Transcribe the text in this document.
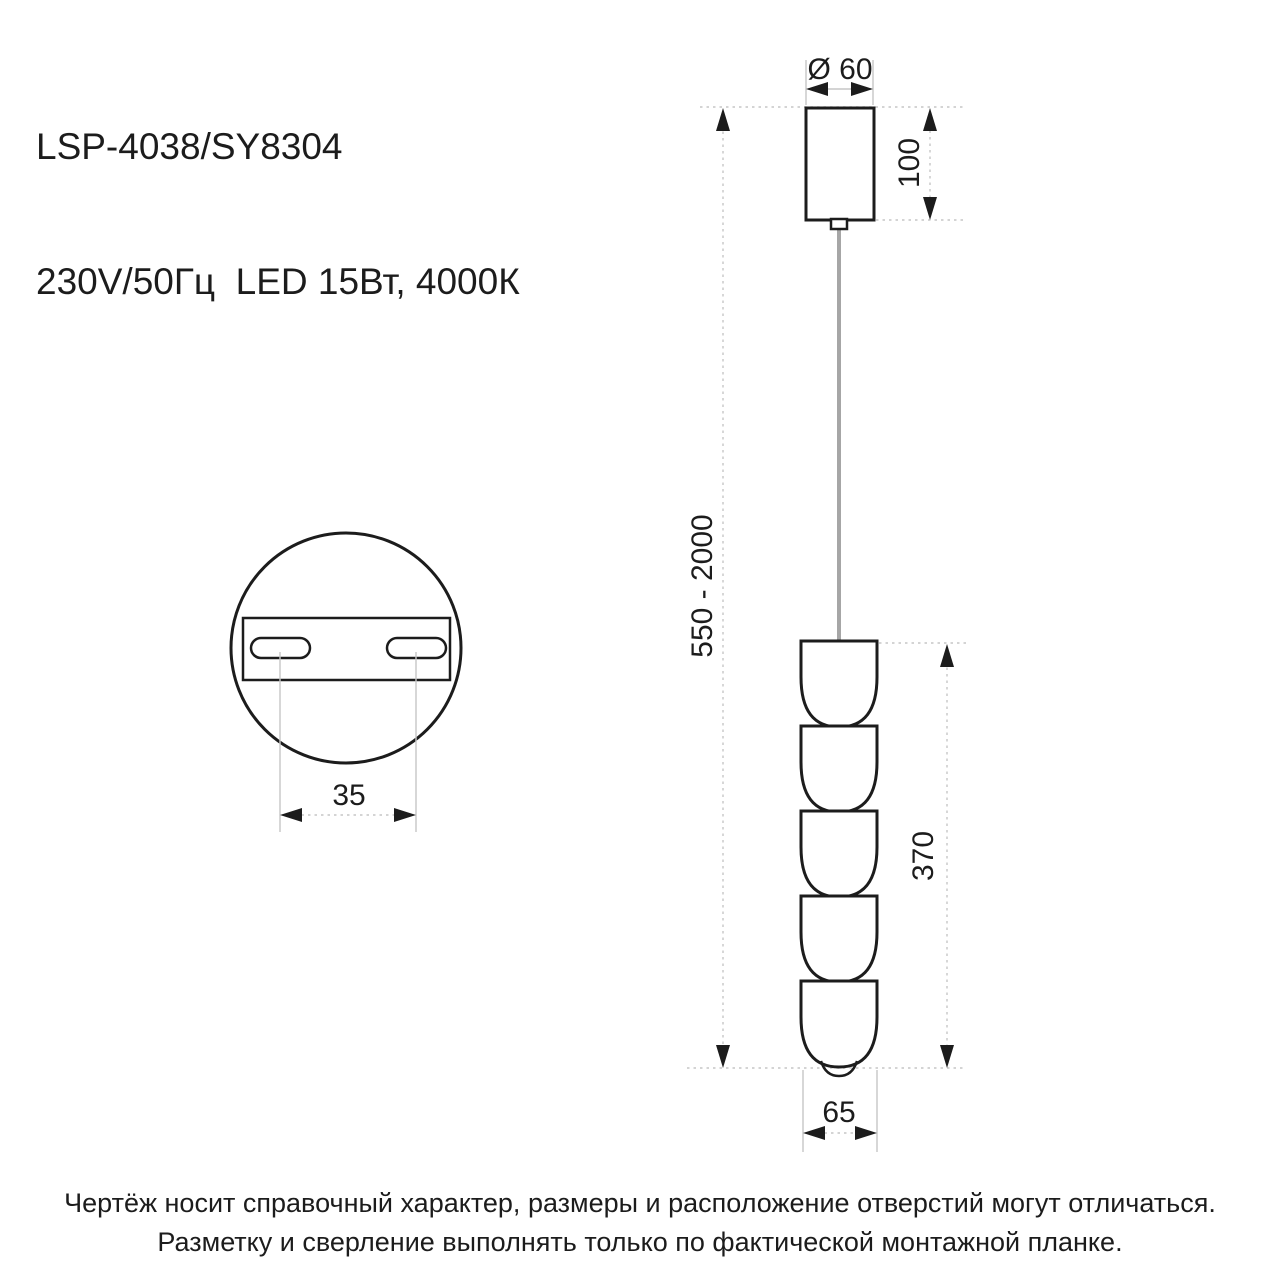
LSP-4038/SY8304

230V/50Гц  LED 15Вт, 4000К

550 - 2000
100
370
Ø 60
65
35
Чертёж носит справочный характер, размеры и расположение отверстий могут отличаться.
Разметку и сверление выполнять только по фактической монтажной планке.
